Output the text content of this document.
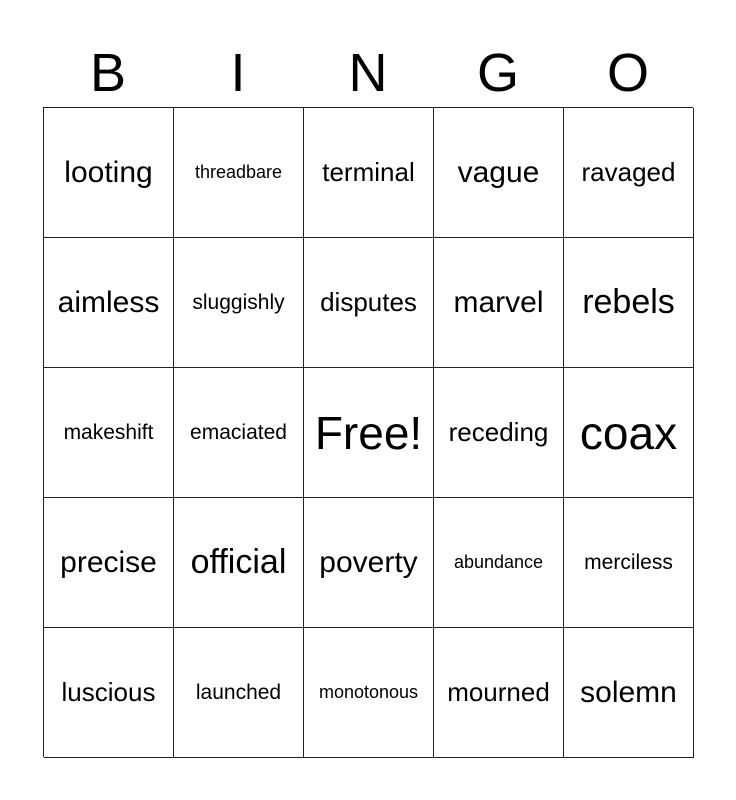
B	I	N	G	O
looting threadbare terminal vague ravaged
aimless sluggishly disputes marvel rebels
makeshift emaciated Free! receding coax
precise official poverty abundance merciless
luscious launched monotonous mourned solemn
